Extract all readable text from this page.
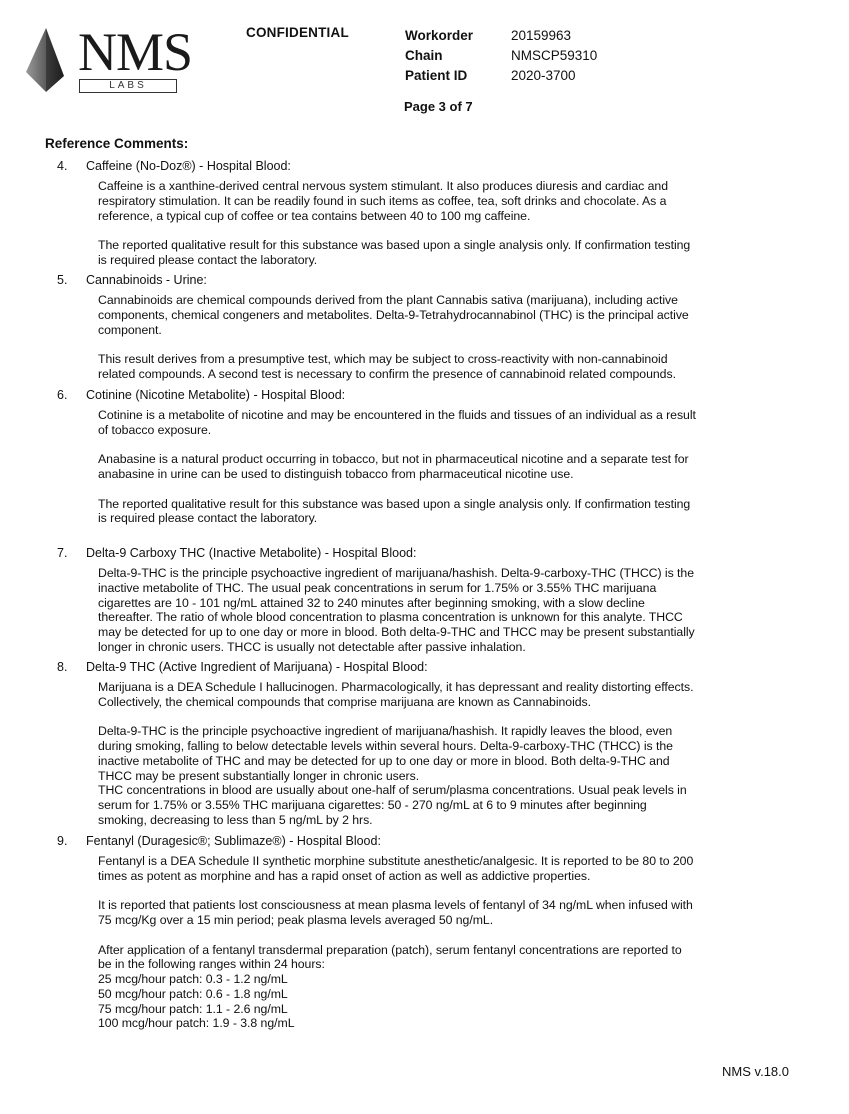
NMS
LABS
CONFIDENTIAL	Workorder	20159963
Chain	NMSCP59310
Patient ID	2020-3700
Page 3 of 7
Reference Comments:
4.	Caffeine (No-Doz®) - Hospital Blood:
Caffeine is a xanthine-derived central nervous system stimulant. It also produces diuresis and cardiac and
respiratory stimulation. It can be readily found in such items as coffee, tea, soft drinks and chocolate. As a
reference, a typical cup of coffee or tea contains between 40 to 100 mg caffeine.
The reported qualitative result for this substance was based upon a single analysis only. If confirmation testing
is required please contact the laboratory.
5.	Cannabinoids - Urine:
Cannabinoids are chemical compounds derived from the plant Cannabis sativa (marijuana), including active
components, chemical congeners and metabolites. Delta-9-Tetrahydrocannabinol (THC) is the principal active
component.
This result derives from a presumptive test, which may be subject to cross-reactivity with non-cannabinoid
related compounds. A second test is necessary to confirm the presence of cannabinoid related compounds.
6.	Cotinine (Nicotine Metabolite) - Hospital Blood:
Cotinine is a metabolite of nicotine and may be encountered in the fluids and tissues of an individual as a result
of tobacco exposure.
Anabasine is a natural product occurring in tobacco, but not in pharmaceutical nicotine and a separate test for
anabasine in urine can be used to distinguish tobacco from pharmaceutical nicotine use.
The reported qualitative result for this substance was based upon a single analysis only. If confirmation testing
is required please contact the laboratory.
7.	Delta-9 Carboxy THC (Inactive Metabolite) - Hospital Blood:
Delta-9-THC is the principle psychoactive ingredient of marijuana/hashish. Delta-9-carboxy-THC (THCC) is the
inactive metabolite of THC. The usual peak concentrations in serum for 1.75% or 3.55% THC marijuana
cigarettes are 10 - 101 ng/mL attained 32 to 240 minutes after beginning smoking, with a slow decline
thereafter. The ratio of whole blood concentration to plasma concentration is unknown for this analyte. THCC
may be detected for up to one day or more in blood. Both delta-9-THC and THCC may be present substantially
longer in chronic users. THCC is usually not detectable after passive inhalation.
8.	Delta-9 THC (Active Ingredient of Marijuana) - Hospital Blood:
Marijuana is a DEA Schedule I hallucinogen. Pharmacologically, it has depressant and reality distorting effects.
Collectively, the chemical compounds that comprise marijuana are known as Cannabinoids.
Delta-9-THC is the principle psychoactive ingredient of marijuana/hashish. It rapidly leaves the blood, even
during smoking, falling to below detectable levels within several hours. Delta-9-carboxy-THC (THCC) is the
inactive metabolite of THC and may be detected for up to one day or more in blood. Both delta-9-THC and
THCC may be present substantially longer in chronic users.
THC concentrations in blood are usually about one-half of serum/plasma concentrations. Usual peak levels in
serum for 1.75% or 3.55% THC marijuana cigarettes: 50 - 270 ng/mL at 6 to 9 minutes after beginning
smoking, decreasing to less than 5 ng/mL by 2 hrs.
9.	Fentanyl (Duragesic®; Sublimaze®) - Hospital Blood:
Fentanyl is a DEA Schedule II synthetic morphine substitute anesthetic/analgesic. It is reported to be 80 to 200
times as potent as morphine and has a rapid onset of action as well as addictive properties.
It is reported that patients lost consciousness at mean plasma levels of fentanyl of 34 ng/mL when infused with
75 mcg/Kg over a 15 min period; peak plasma levels averaged 50 ng/mL.
After application of a fentanyl transdermal preparation (patch), serum fentanyl concentrations are reported to
be in the following ranges within 24 hours:
25 mcg/hour patch: 0.3 - 1.2 ng/mL
50 mcg/hour patch: 0.6 - 1.8 ng/mL
75 mcg/hour patch: 1.1 - 2.6 ng/mL
100 mcg/hour patch: 1.9 - 3.8 ng/mL
NMS v.18.0
